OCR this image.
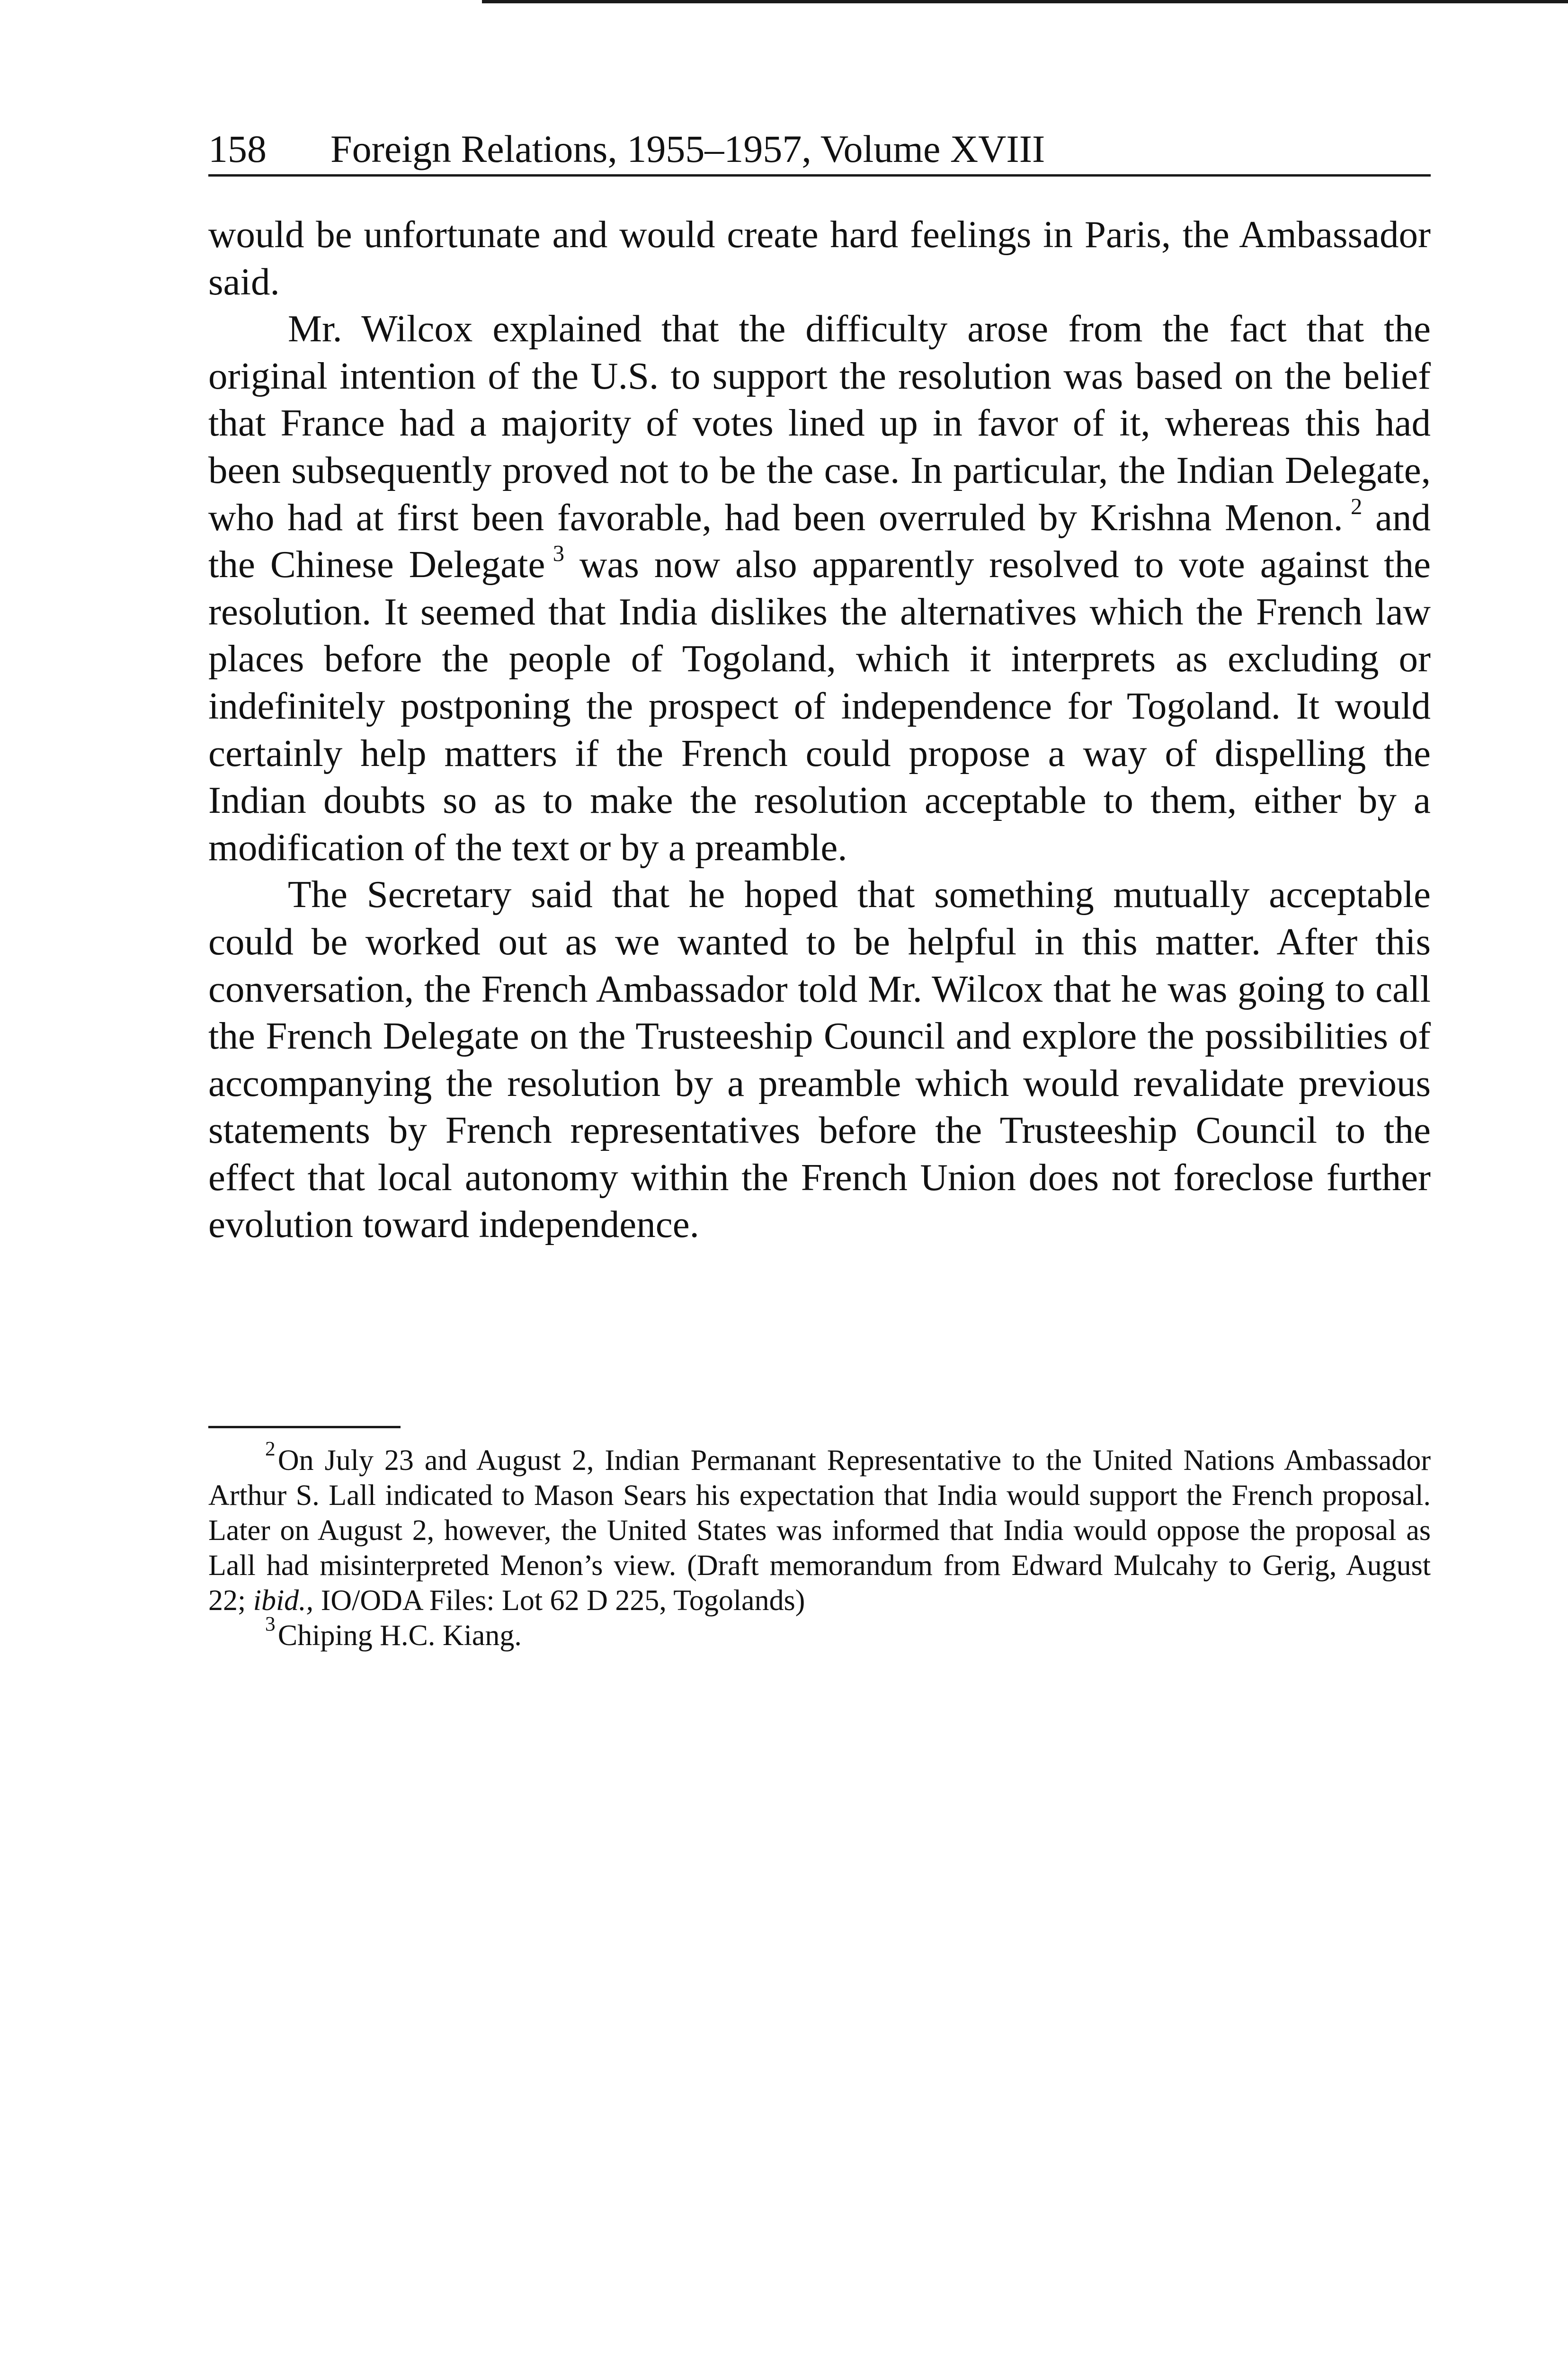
158 Foreign Relations, 1955–1957, Volume XVIII

would be unfortunate and would create hard feelings in Paris, the Ambassador said.

Mr. Wilcox explained that the difficulty arose from the fact that the original intention of the U.S. to support the resolution was based on the belief that France had a majority of votes lined up in favor of it, whereas this had been subsequently proved not to be the case. In particular, the Indian Delegate, who had at first been favorable, had been overruled by Krishna Menon.  $^2$ and the Chinese Delegate  $^3$ was now also apparently resolved to vote against the resolution. It seemed that India dislikes the alternatives which the French law places before the people of Togoland, which it interprets as excluding or indefinitely postponing the prospect of independence for Togoland. It would certainly help matters if the French could propose a way of dispelling the Indian doubts so as to make the resolution acceptable to them, either by a modification of the text or by a preamble.

The Secretary said that he hoped that something mutually acceptable could be worked out as we wanted to be helpful in this matter. After this conversation, the French Ambassador told Mr. Wilcox that he was going to call the French Delegate on the Trusteeship Council and explore the possibilities of accompanying the resolution by a preamble which would revalidate previous statements by French representatives before the Trusteeship Council to the effect that local autonomy within the French Union does not foreclose further evolution toward independence.

$^2$ On July 23 and August 2, Indian Permanant Representative to the United Nations Ambassador Arthur S. Lall indicated to Mason Sears his expectation that India would support the French proposal. Later on August 2, however, the United States was informed that India would oppose the proposal as Lall had misinterpreted Menon’s view. (Draft memorandum from Edward Mulcahy to Gerig, August 22; ibid., IO/ODA Files: Lot 62 D 225, Togolands)

$^3$ Chiping H.C. Kiang.
